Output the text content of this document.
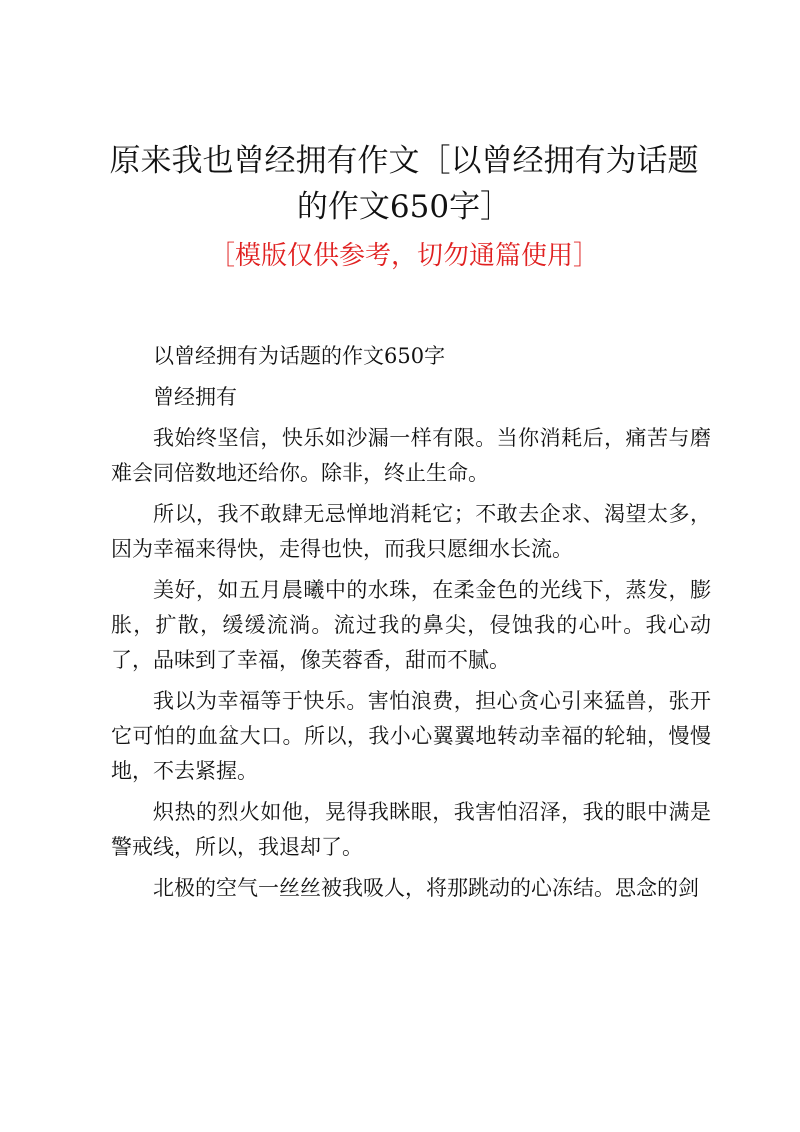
原来我也曾经拥有作文［以曾经拥有为话题的作文650字］

［模版仅供参考，切勿通篇使用］

以曾经拥有为话题的作文650字

曾经拥有

我始终坚信，快乐如沙漏一样有限。当你消耗后，痛苦与磨难会同倍数地还给你。除非，终止生命。

所以，我不敢肆无忌惮地消耗它；不敢去企求、渴望太多，因为幸福来得快，走得也快，而我只愿细水长流。

美好，如五月晨曦中的水珠，在柔金色的光线下，蒸发，膨胀，扩散，缓缓流淌。流过我的鼻尖，侵蚀我的心叶。我心动了，品味到了幸福，像芙蓉香，甜而不腻。

我以为幸福等于快乐。害怕浪费，担心贪心引来猛兽，张开它可怕的血盆大口。所以，我小心翼翼地转动幸福的轮轴，慢慢地，不去紧握。

炽热的烈火如他，晃得我眯眼，我害怕沼泽，我的眼中满是警戒线，所以，我退却了。

北极的空气一丝丝被我吸人，将那跳动的心冻结。思念的剑
